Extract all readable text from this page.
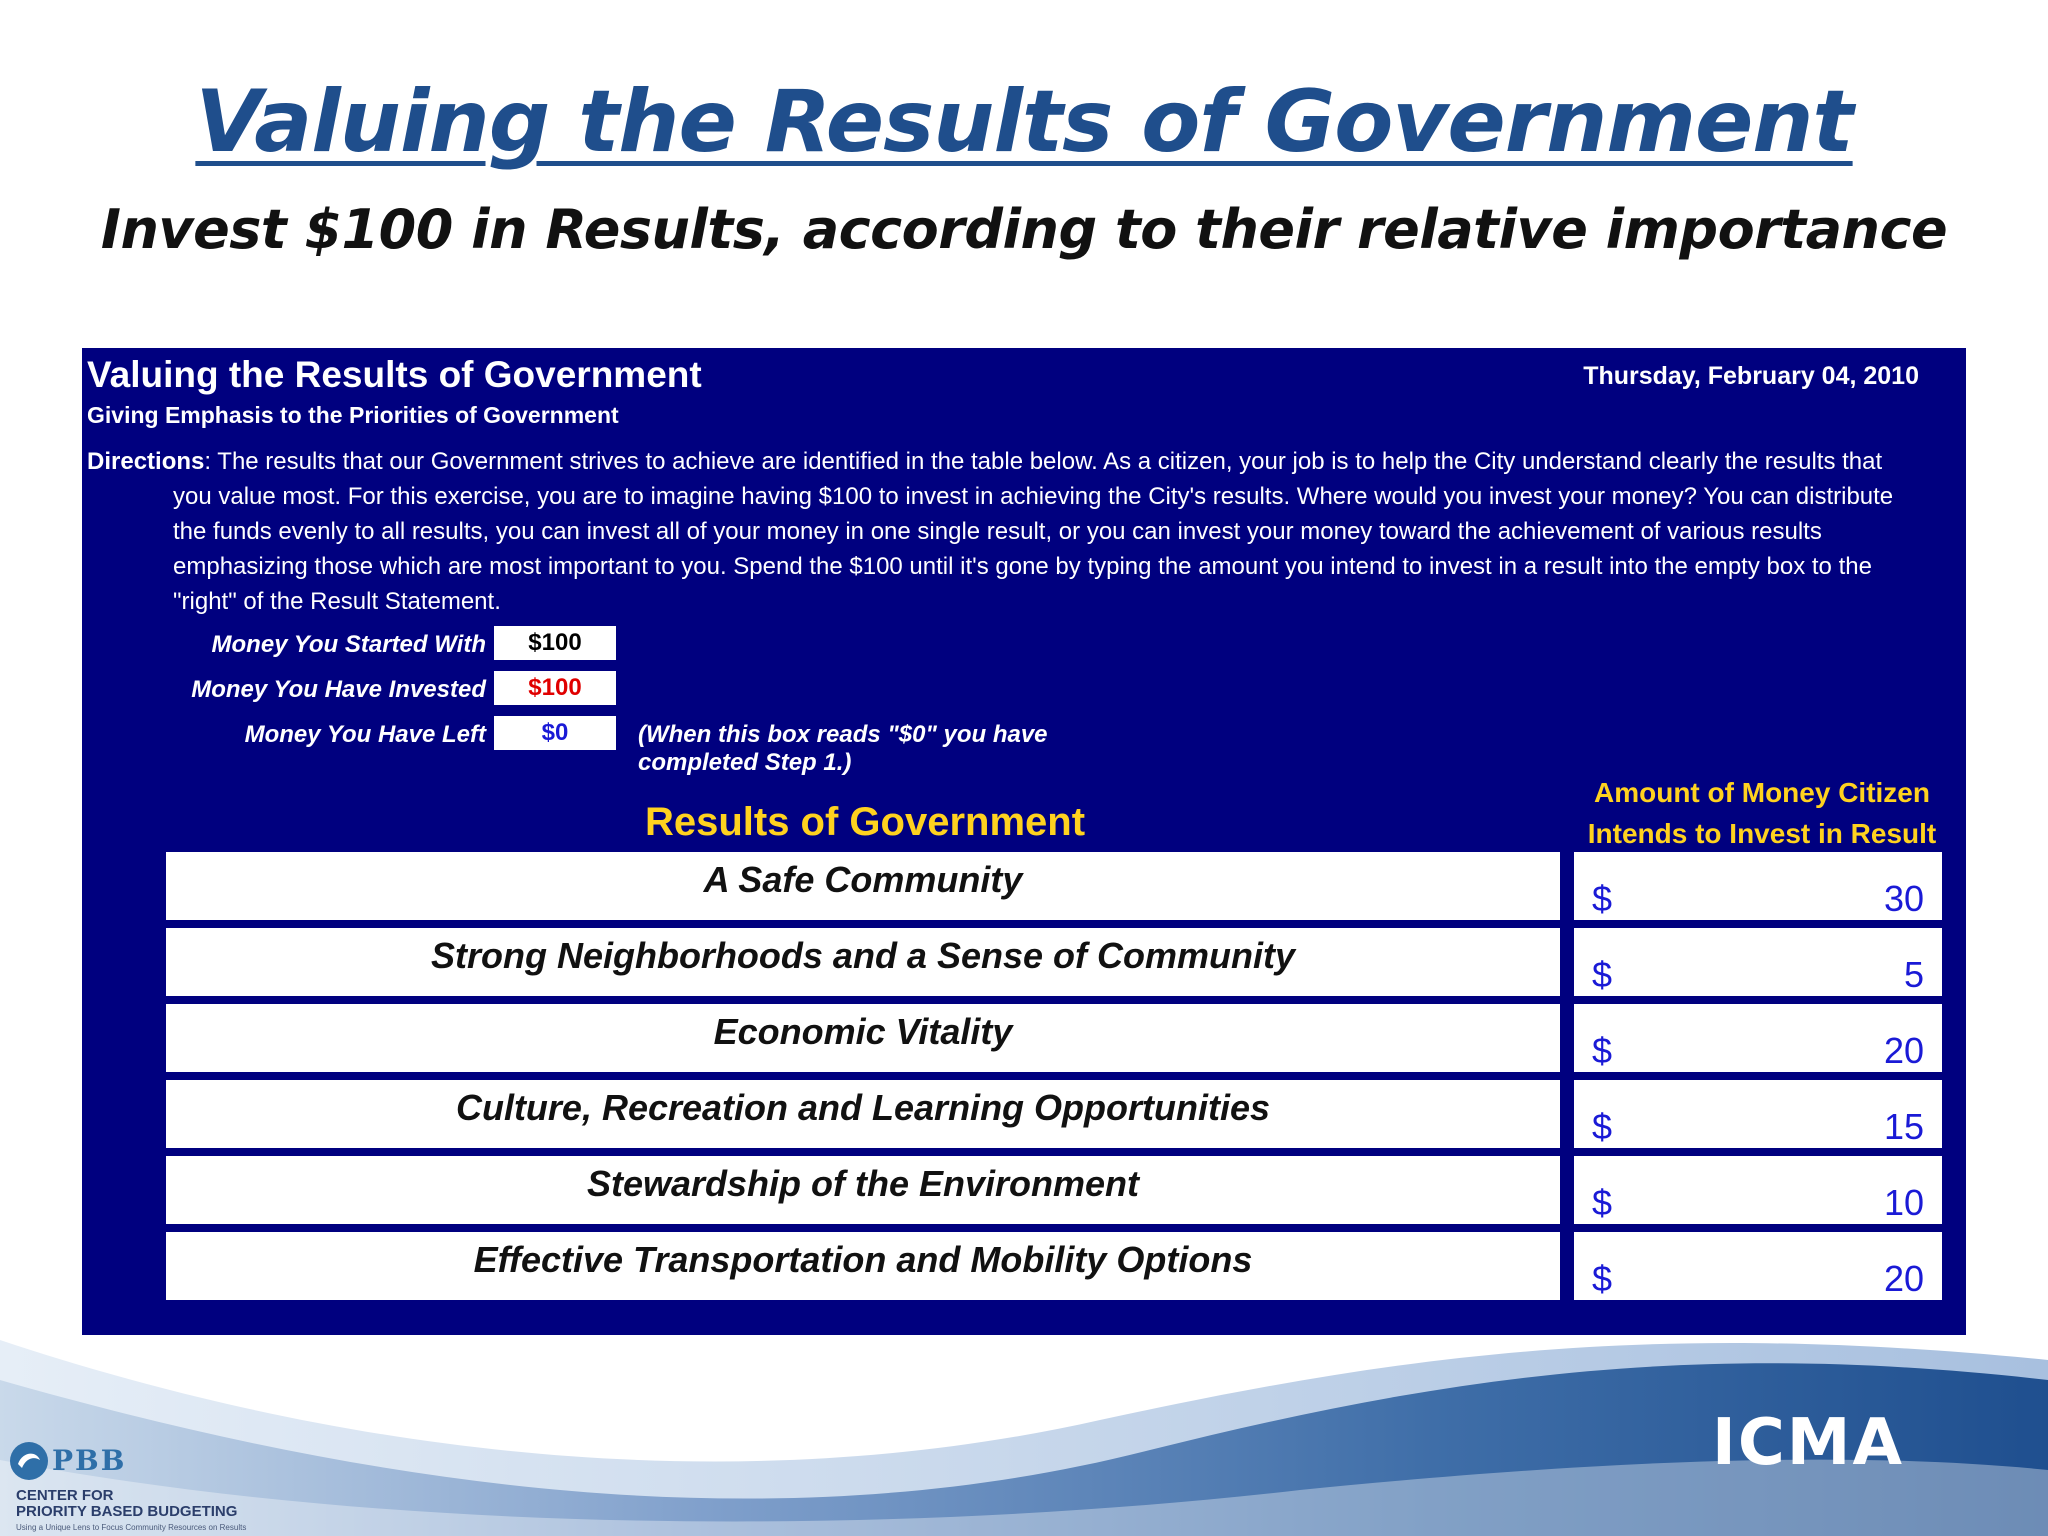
Valuing the Results of Government
Invest $100 in Results, according to their relative importance
Valuing the Results of Government	Thursday, February 04, 2010
Giving Emphasis to the Priorities of Government
Directions: The results that our Government strives to achieve are identified in the table below. As a citizen, your job is to help the City understand clearly the results that you value most. For this exercise, you are to imagine having $100 to invest in achieving the City's results. Where would you invest your money? You can distribute the funds evenly to all results, you can invest all of your money in one single result, or you can invest your money toward the achievement of various results emphasizing those which are most important to you. Spend the $100 until it's gone by typing the amount you intend to invest in a result into the empty box to the "right" of the Result Statement.
Money You Started With	$100
Money You Have Invested	$100
Money You Have Left	$0	(When this box reads "$0" you have completed Step 1.)
Results of Government
Amount of Money Citizen Intends to Invest in Result
A Safe Community	$	30
Strong Neighborhoods and a Sense of Community	$	5
Economic Vitality	$	20
Culture, Recreation and Learning Opportunities	$	15
Stewardship of the Environment	$	10
Effective Transportation and Mobility Options	$	20
PBB
CENTER FOR
PRIORITY BASED BUDGETING
Using a Unique Lens to Focus Community Resources on Results
ICMA
